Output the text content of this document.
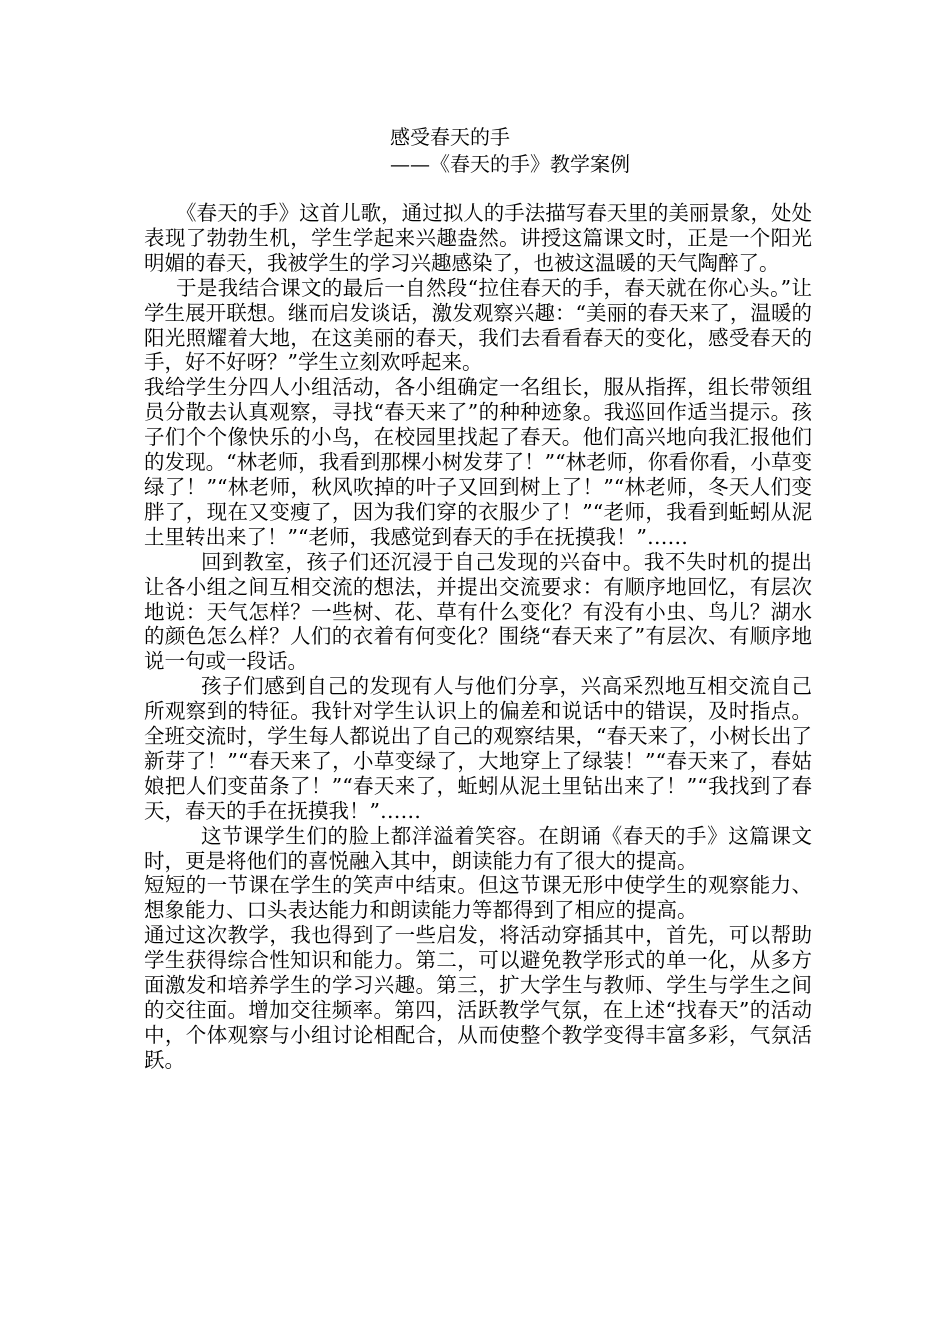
感受春天的手
——《春天的手》教学案例

《春天的手》这首儿歌，通过拟人的手法描写春天里的美丽景象，处处表现了勃勃生机，学生学起来兴趣盎然。讲授这篇课文时，正是一个阳光明媚的春天，我被学生的学习兴趣感染了，也被这温暖的天气陶醉了。

于是我结合课文的最后一自然段“拉住春天的手，春天就在你心头。”让学生展开联想。继而启发谈话，激发观察兴趣：“美丽的春天来了，温暖的阳光照耀着大地，在这美丽的春天，我们去看看春天的变化，感受春天的手，好不好呀？”学生立刻欢呼起来。

我给学生分四人小组活动，各小组确定一名组长，服从指挥，组长带领组员分散去认真观察，寻找“春天来了”的种种迹象。我巡回作适当提示。孩子们个个像快乐的小鸟，在校园里找起了春天。他们高兴地向我汇报他们的发现。“林老师，我看到那棵小树发芽了！”“林老师，你看你看，小草变绿了！”“林老师，秋风吹掉的叶子又回到树上了！”“林老师，冬天人们变胖了，现在又变瘦了，因为我们穿的衣服少了！”“老师，我看到蚯蚓从泥土里转出来了！”“老师，我感觉到春天的手在抚摸我！”……

回到教室，孩子们还沉浸于自己发现的兴奋中。我不失时机的提出让各小组之间互相交流的想法，并提出交流要求：有顺序地回忆，有层次地说：天气怎样？一些树、花、草有什么变化？有没有小虫、鸟儿？湖水的颜色怎么样？人们的衣着有何变化？围绕“春天来了”有层次、有顺序地说一句或一段话。

孩子们感到自己的发现有人与他们分享，兴高采烈地互相交流自己所观察到的特征。我针对学生认识上的偏差和说话中的错误，及时指点。全班交流时，学生每人都说出了自己的观察结果，“春天来了，小树长出了新芽了！”“春天来了，小草变绿了，大地穿上了绿装！”“春天来了，春姑娘把人们变苗条了！”“春天来了，蚯蚓从泥土里钻出来了！”“我找到了春天，春天的手在抚摸我！”……

这节课学生们的脸上都洋溢着笑容。在朗诵《春天的手》这篇课文时，更是将他们的喜悦融入其中，朗读能力有了很大的提高。

短短的一节课在学生的笑声中结束。但这节课无形中使学生的观察能力、想象能力、口头表达能力和朗读能力等都得到了相应的提高。

通过这次教学，我也得到了一些启发，将活动穿插其中，首先，可以帮助学生获得综合性知识和能力。第二，可以避免教学形式的单一化，从多方面激发和培养学生的学习兴趣。第三，扩大学生与教师、学生与学生之间的交往面。增加交往频率。第四，活跃教学气氛，在上述“找春天”的活动中，个体观察与小组讨论相配合，从而使整个教学变得丰富多彩，气氛活跃。
